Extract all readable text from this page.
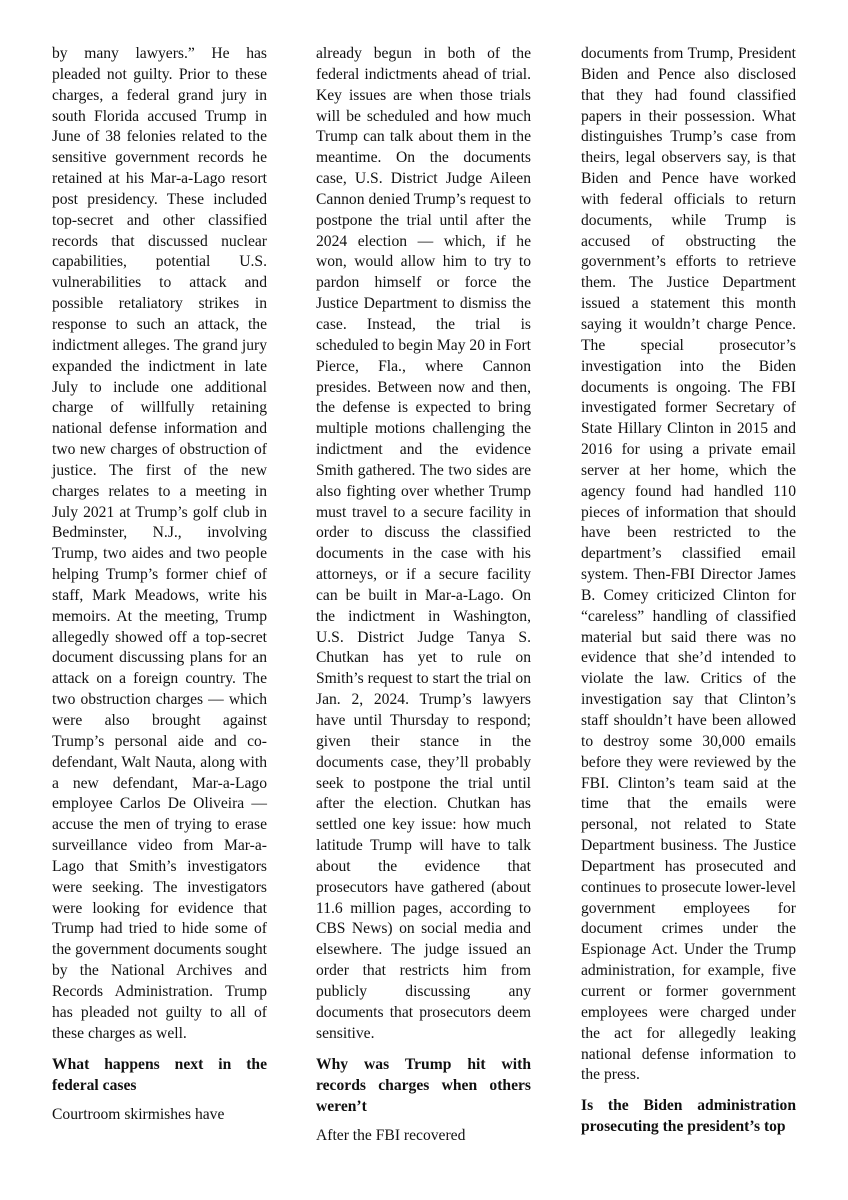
by many lawyers.” He has pleaded not guilty. Prior to these charges, a federal grand jury in south Florida accused Trump in June of 38 felonies related to the sensitive government records he retained at his Mar-a-Lago resort post presidency. These included top-secret and other classified records that discussed nuclear capabilities, potential U.S. vulnerabilities to attack and possible retaliatory strikes in response to such an attack, the indictment alleges. The grand jury expanded the indictment in late July to include one additional charge of willfully retaining national defense information and two new charges of obstruction of justice. The first of the new charges relates to a meeting in July 2021 at Trump’s golf club in Bedminster, N.J., involving Trump, two aides and two people helping Trump’s former chief of staff, Mark Meadows, write his memoirs. At the meeting, Trump allegedly showed off a top-secret document discussing plans for an attack on a foreign country. The two obstruction charges — which were also brought against Trump’s personal aide and co-defendant, Walt Nauta, along with a new defendant, Mar-a-Lago employee Carlos De Oliveira — accuse the men of trying to erase surveillance video from Mar-a-Lago that Smith’s investigators were seeking. The investigators were looking for evidence that Trump had tried to hide some of the government documents sought by the National Archives and Records Administration. Trump has pleaded not guilty to all of these charges as well.

What happens next in the federal cases

Courtroom skirmishes have

already begun in both of the federal indictments ahead of trial. Key issues are when those trials will be scheduled and how much Trump can talk about them in the meantime. On the documents case, U.S. District Judge Aileen Cannon denied Trump’s request to postpone the trial until after the 2024 election — which, if he won, would allow him to try to pardon himself or force the Justice Department to dismiss the case. Instead, the trial is scheduled to begin May 20 in Fort Pierce, Fla., where Cannon presides. Between now and then, the defense is expected to bring multiple motions challenging the indictment and the evidence Smith gathered. The two sides are also fighting over whether Trump must travel to a secure facility in order to discuss the classified documents in the case with his attorneys, or if a secure facility can be built in Mar-a-Lago. On the indictment in Washington, U.S. District Judge Tanya S. Chutkan has yet to rule on Smith’s request to start the trial on Jan. 2, 2024. Trump’s lawyers have until Thursday to respond; given their stance in the documents case, they’ll probably seek to postpone the trial until after the election. Chutkan has settled one key issue: how much latitude Trump will have to talk about the evidence that prosecutors have gathered (about 11.6 million pages, according to CBS News) on social media and elsewhere. The judge issued an order that restricts him from publicly discussing any documents that prosecutors deem sensitive.

Why was Trump hit with records charges when others weren’t

After the FBI recovered

documents from Trump, President Biden and Pence also disclosed that they had found classified papers in their possession. What distinguishes Trump’s case from theirs, legal observers say, is that Biden and Pence have worked with federal officials to return documents, while Trump is accused of obstructing the government’s efforts to retrieve them. The Justice Department issued a statement this month saying it wouldn’t charge Pence. The special prosecutor’s investigation into the Biden documents is ongoing. The FBI investigated former Secretary of State Hillary Clinton in 2015 and 2016 for using a private email server at her home, which the agency found had handled 110 pieces of information that should have been restricted to the department’s classified email system. Then-FBI Director James B. Comey criticized Clinton for “careless” handling of classified material but said there was no evidence that she’d intended to violate the law. Critics of the investigation say that Clinton’s staff shouldn’t have been allowed to destroy some 30,000 emails before they were reviewed by the FBI. Clinton’s team said at the time that the emails were personal, not related to State Department business. The Justice Department has prosecuted and continues to prosecute lower-level government employees for document crimes under the Espionage Act. Under the Trump administration, for example, five current or former government employees were charged under the act for allegedly leaking national defense information to the press.

Is the Biden administration prosecuting the president’s top
